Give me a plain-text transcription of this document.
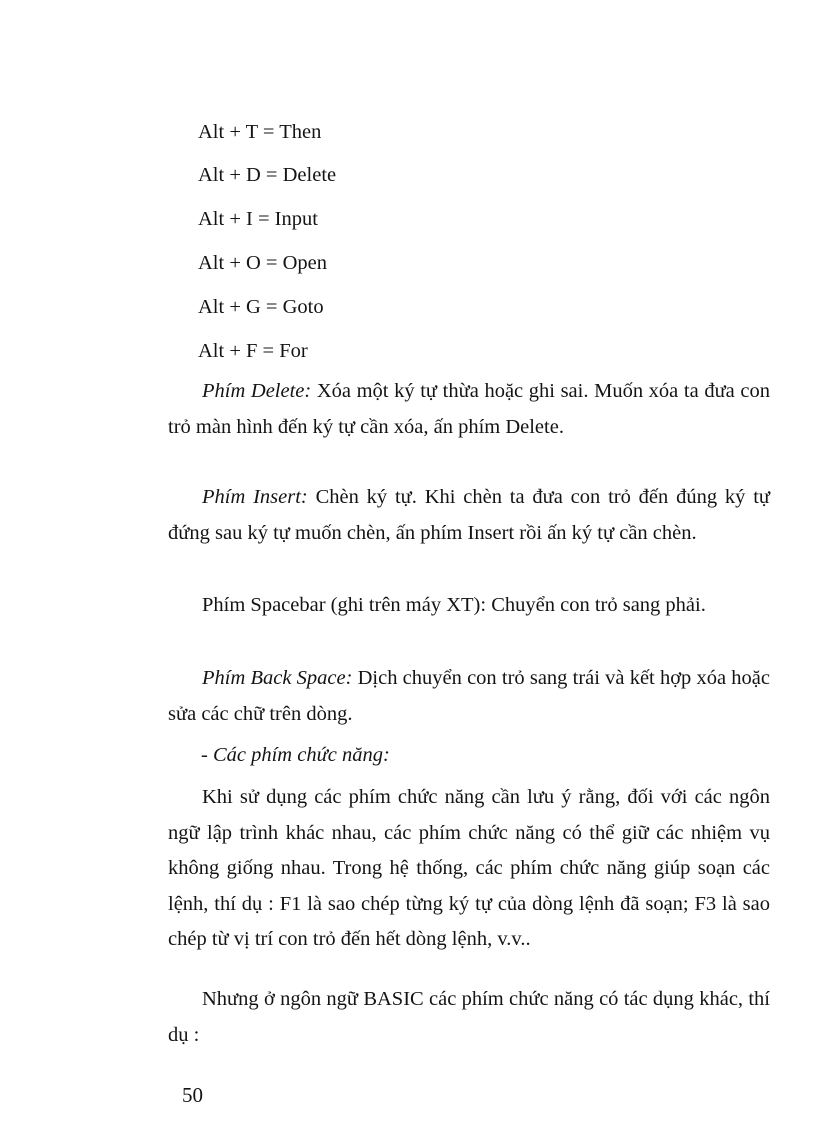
Alt + T = Then
Alt + D = Delete
Alt + I = Input
Alt + O = Open
Alt + G = Goto
Alt + F = For

Phím Delete: Xóa một ký tự thừa hoặc ghi sai. Muốn xóa ta đưa con trỏ màn hình đến ký tự cần xóa, ấn phím Delete.

Phím Insert: Chèn ký tự. Khi chèn ta đưa con trỏ đến đúng ký tự đứng sau ký tự muốn chèn, ấn phím Insert rồi ấn ký tự cần chèn.

Phím Spacebar (ghi trên máy XT): Chuyển con trỏ sang phải.

Phím Back Space: Dịch chuyển con trỏ sang trái và kết hợp xóa hoặc sửa các chữ trên dòng.

- Các phím chức năng:

Khi sử dụng các phím chức năng cần lưu ý rằng, đối với các ngôn ngữ lập trình khác nhau, các phím chức năng có thể giữ các nhiệm vụ không giống nhau. Trong hệ thống, các phím chức năng giúp soạn các lệnh, thí dụ : F1 là sao chép từng ký tự của dòng lệnh đã soạn; F3 là sao chép từ vị trí con trỏ đến hết dòng lệnh, v.v..

Nhưng ở ngôn ngữ BASIC các phím chức năng có tác dụng khác, thí dụ :

50
